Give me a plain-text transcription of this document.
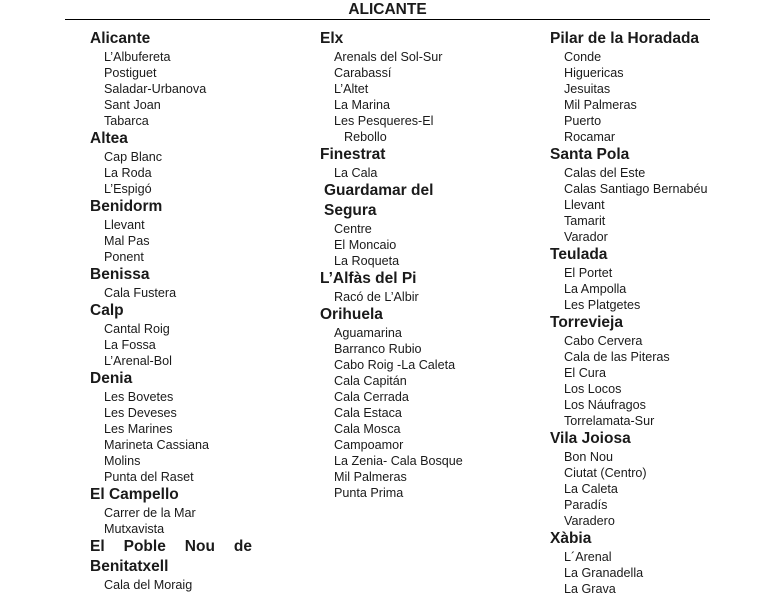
ALICANTE
Alicante
L’Albufereta
Postiguet
Saladar-Urbanova
Sant Joan
Tabarca
Altea
Cap Blanc
La Roda
L’Espigó
Benidorm
Llevant
Mal Pas
Ponent
Benissa
Cala Fustera
Calp
Cantal Roig
La Fossa
L’Arenal-Bol
Denia
Les Bovetes
Les Deveses
Les Marines
Marineta Cassiana
Molins
Punta del Raset
El Campello
Carrer de la Mar
Mutxavista
El Poble Nou de Benitatxell
Cala del Moraig
Elx
Arenals del Sol-Sur
Carabassí
L’Altet
La Marina
Les Pesqueres-El Rebollo
Finestrat
La Cala
Guardamar del Segura
Centre
El Moncaio
La Roqueta
L’Alfàs del Pi
Racó de L’Albir
Orihuela
Aguamarina
Barranco Rubio
Cabo Roig -La Caleta
Cala Capitán
Cala Cerrada
Cala Estaca
Cala Mosca
Campoamor
La Zenia- Cala Bosque
Mil Palmeras
Punta Prima
Pilar de la Horadada
Conde
Higuericas
Jesuitas
Mil Palmeras
Puerto
Rocamar
Santa Pola
Calas del Este
Calas Santiago Bernabéu
Llevant
Tamarit
Varador
Teulada
El Portet
La Ampolla
Les Platgetes
Torrevieja
Cabo Cervera
Cala de las Piteras
El Cura
Los Locos
Los Náufragos
Torrelamata-Sur
Vila Joiosa
Bon Nou
Ciutat (Centro)
La Caleta
Paradís
Varadero
Xàbia
L´Arenal
La Granadella
La Grava
